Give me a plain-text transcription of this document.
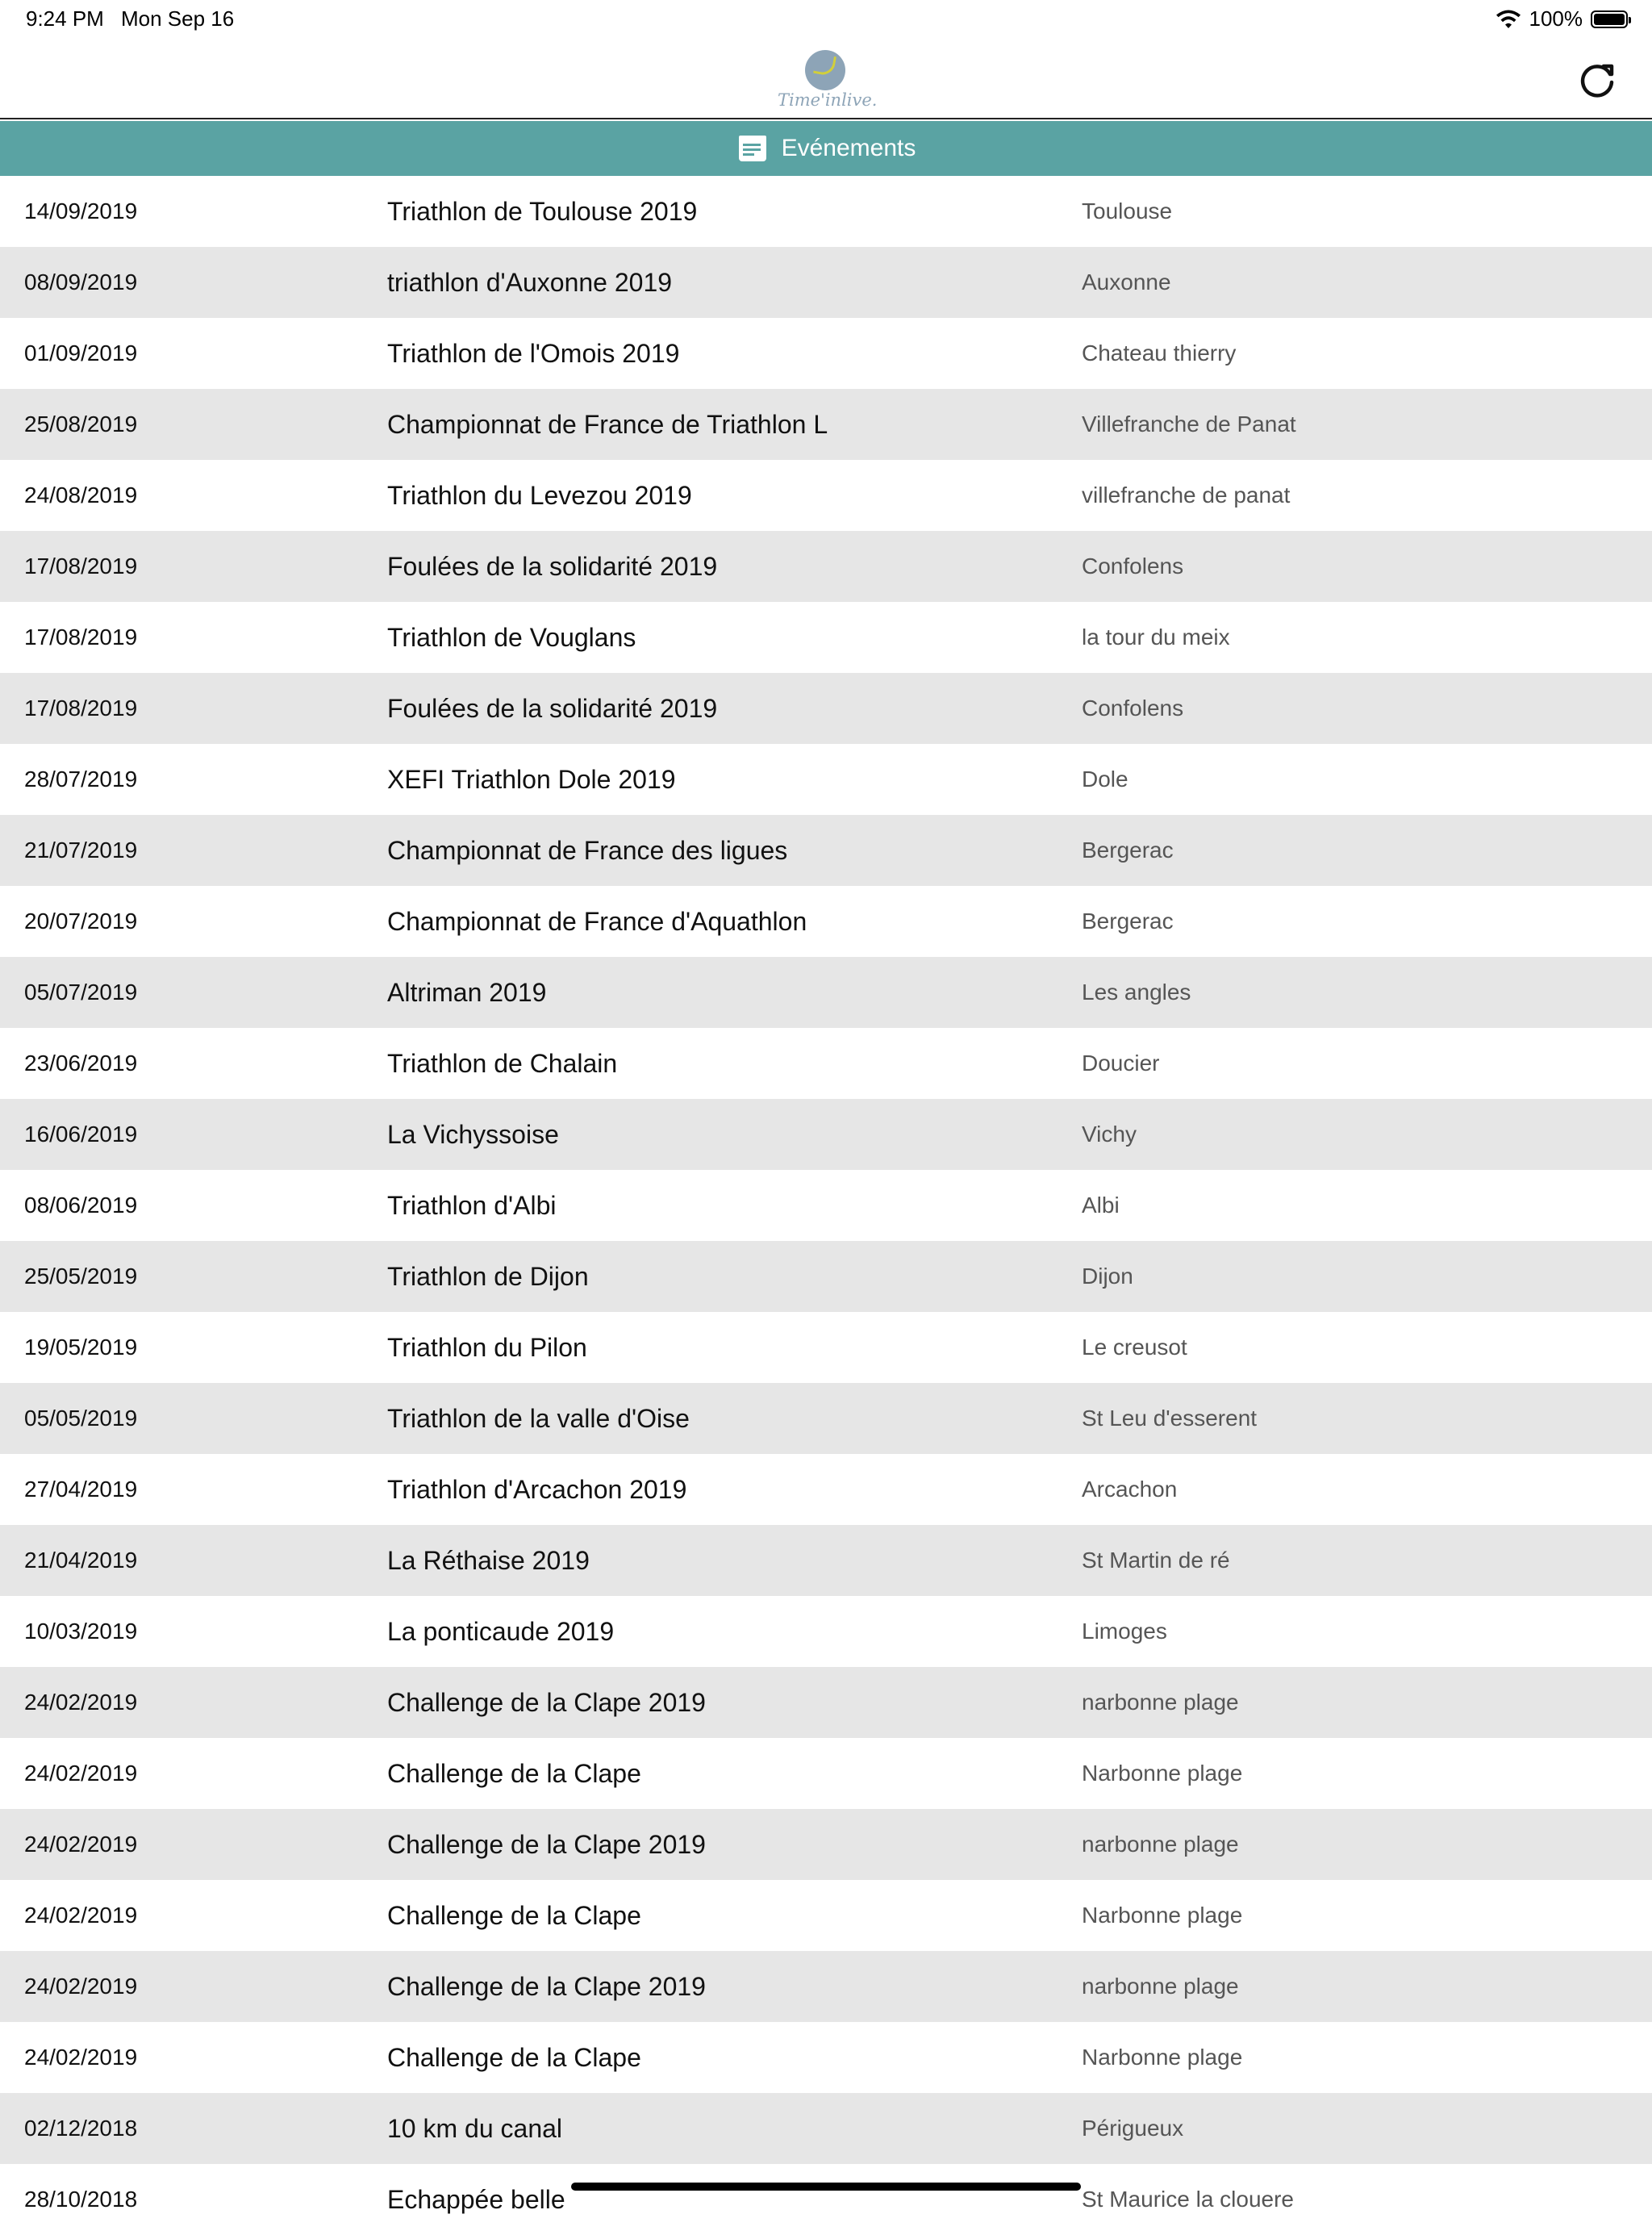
9:24 PM Mon Sep 16	100%
Time'inlive.
Evénements
14/09/2019	Triathlon de Toulouse 2019	Toulouse
08/09/2019	triathlon d'Auxonne 2019	Auxonne
01/09/2019	Triathlon de l'Omois 2019	Chateau thierry
25/08/2019	Championnat de France de Triathlon L	Villefranche de Panat
24/08/2019	Triathlon du Levezou 2019	villefranche de panat
17/08/2019	Foulées de la solidarité 2019	Confolens
17/08/2019	Triathlon de Vouglans	la tour du meix
17/08/2019	Foulées de la solidarité 2019	Confolens
28/07/2019	XEFI Triathlon Dole 2019	Dole
21/07/2019	Championnat de France des ligues	Bergerac
20/07/2019	Championnat de France d'Aquathlon	Bergerac
05/07/2019	Altriman 2019	Les angles
23/06/2019	Triathlon de Chalain	Doucier
16/06/2019	La Vichyssoise	Vichy
08/06/2019	Triathlon d'Albi	Albi
25/05/2019	Triathlon de Dijon	Dijon
19/05/2019	Triathlon du Pilon	Le creusot
05/05/2019	Triathlon de la valle d'Oise	St Leu d'esserent
27/04/2019	Triathlon d'Arcachon 2019	Arcachon
21/04/2019	La Réthaise 2019	St Martin de ré
10/03/2019	La ponticaude 2019	Limoges
24/02/2019	Challenge de la Clape 2019	narbonne plage
24/02/2019	Challenge de la Clape	Narbonne plage
24/02/2019	Challenge de la Clape 2019	narbonne plage
24/02/2019	Challenge de la Clape	Narbonne plage
24/02/2019	Challenge de la Clape 2019	narbonne plage
24/02/2019	Challenge de la Clape	Narbonne plage
02/12/2018	10 km du canal	Périgueux
28/10/2018	Echappée belle	St Maurice la clouere
